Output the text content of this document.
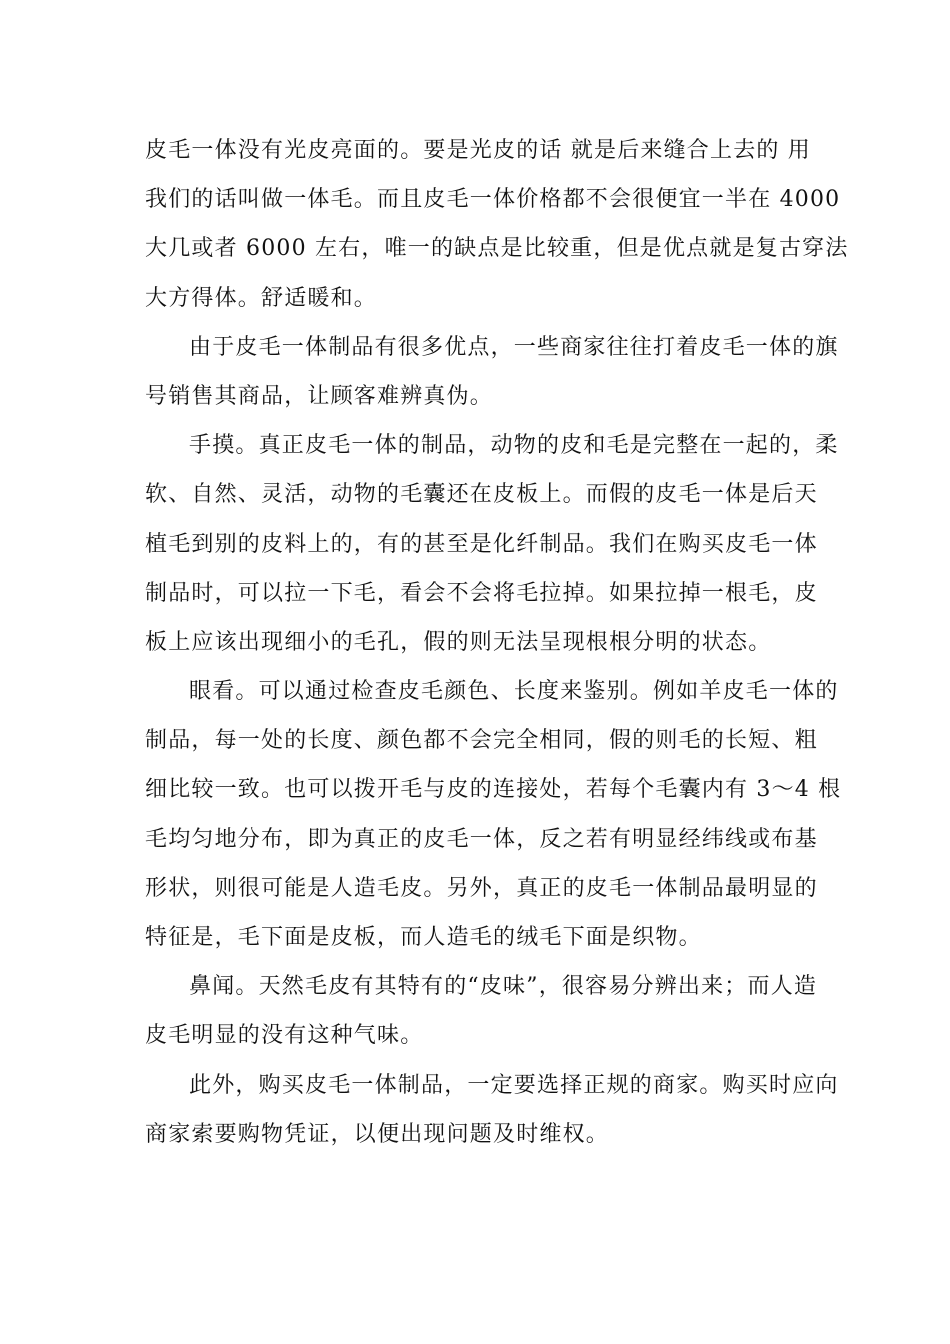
皮毛一体没有光皮亮面的。要是光皮的话 就是后来缝合上去的 用
我们的话叫做一体毛。而且皮毛一体价格都不会很便宜一半在 4000
大几或者 6000 左右，唯一的缺点是比较重，但是优点就是复古穿法
大方得体。舒适暖和。
由于皮毛一体制品有很多优点，一些商家往往打着皮毛一体的旗
号销售其商品，让顾客难辨真伪。
手摸。真正皮毛一体的制品，动物的皮和毛是完整在一起的，柔
软、自然、灵活，动物的毛囊还在皮板上。而假的皮毛一体是后天
植毛到别的皮料上的，有的甚至是化纤制品。我们在购买皮毛一体
制品时，可以拉一下毛，看会不会将毛拉掉。如果拉掉一根毛，皮
板上应该出现细小的毛孔，假的则无法呈现根根分明的状态。
眼看。可以通过检查皮毛颜色、长度来鉴别。例如羊皮毛一体的
制品，每一处的长度、颜色都不会完全相同，假的则毛的长短、粗
细比较一致。也可以拨开毛与皮的连接处，若每个毛囊内有 3～4 根
毛均匀地分布，即为真正的皮毛一体，反之若有明显经纬线或布基
形状，则很可能是人造毛皮。另外，真正的皮毛一体制品最明显的
特征是，毛下面是皮板，而人造毛的绒毛下面是织物。
鼻闻。天然毛皮有其特有的“皮味”，很容易分辨出来；而人造
皮毛明显的没有这种气味。
此外，购买皮毛一体制品，一定要选择正规的商家。购买时应向
商家索要购物凭证，以便出现问题及时维权。
